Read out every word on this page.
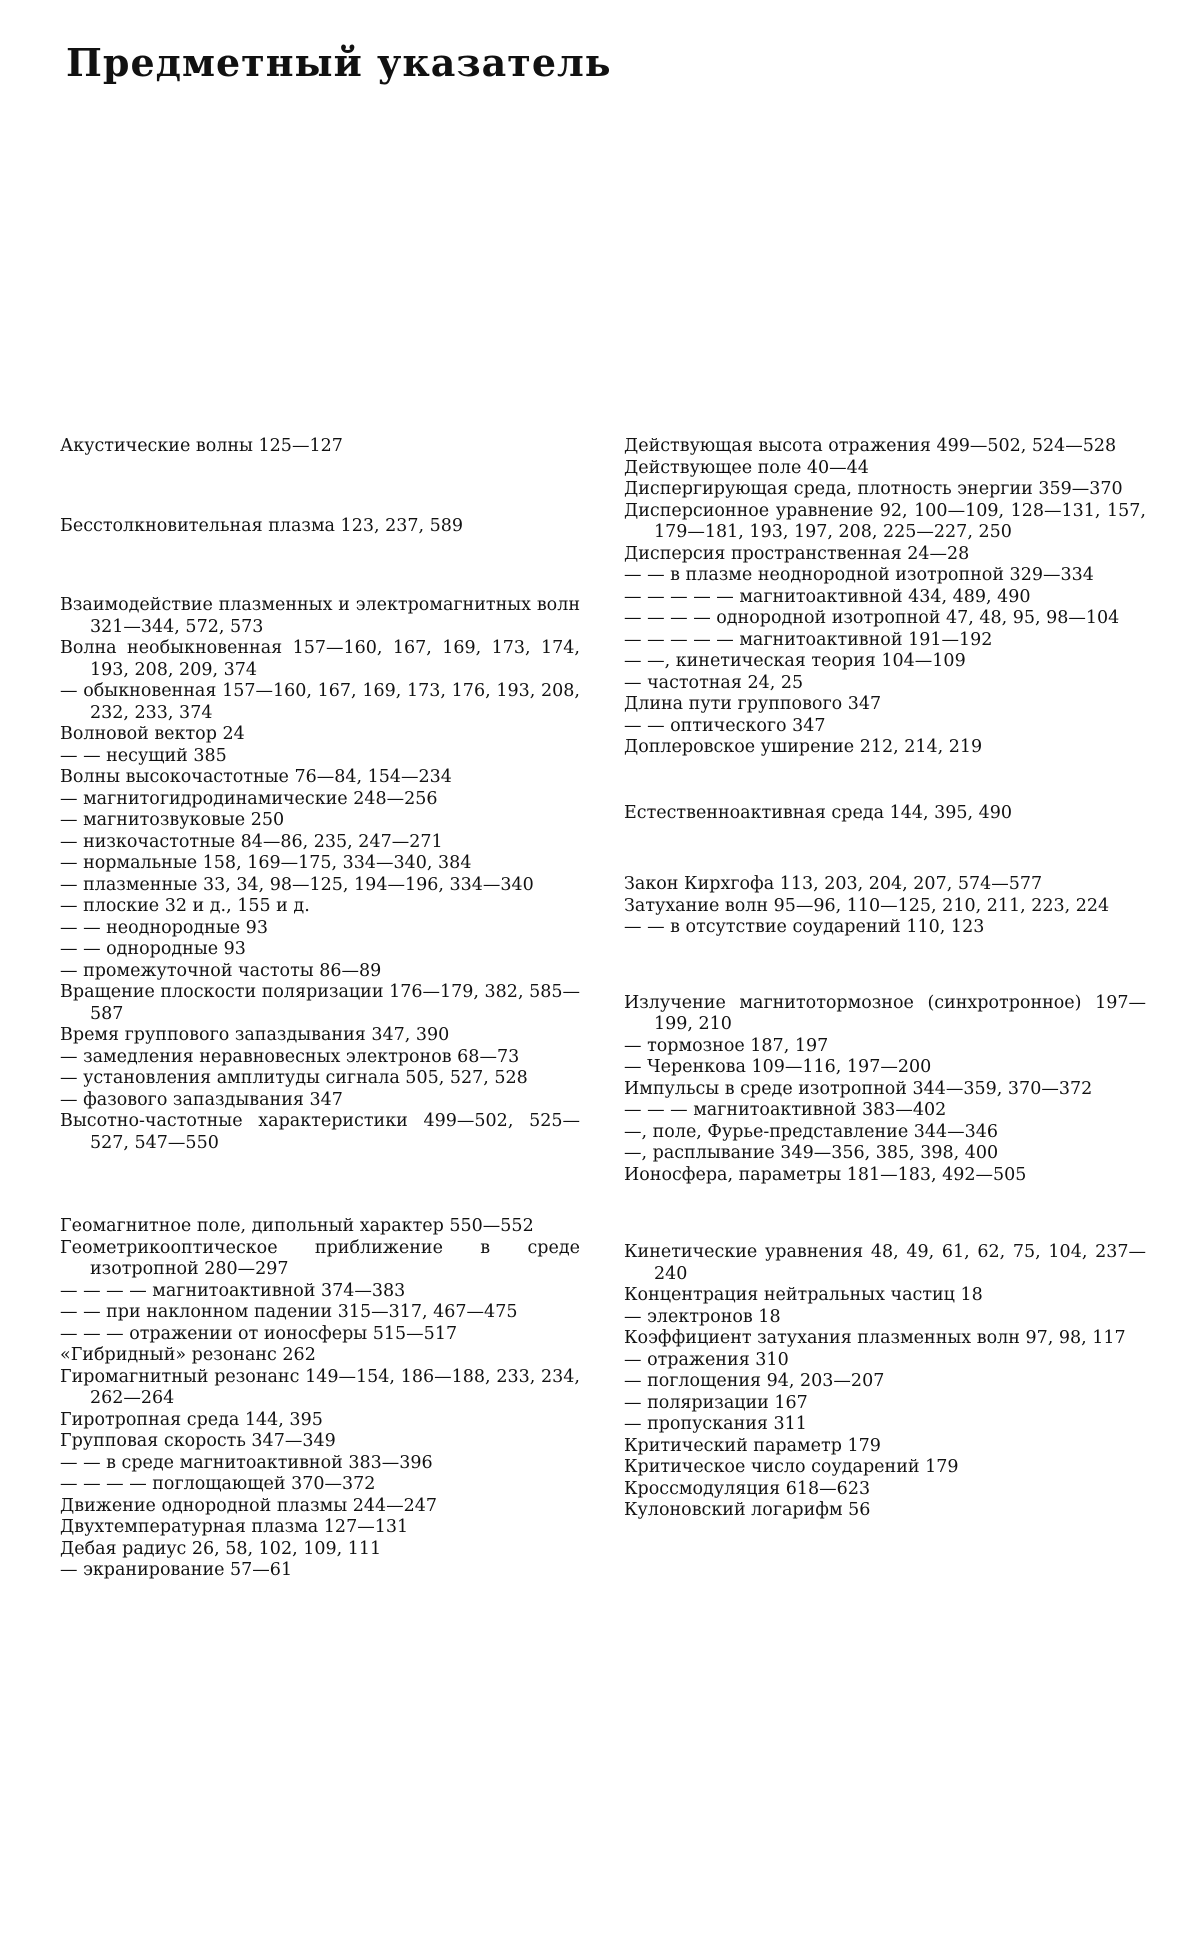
Предметный указатель

Акустические волны 125—127

Бесстолкновительная плазма 123, 237, 589

Взаимодействие плазменных и электромагнитных волн 321—344, 572, 573

Волна необыкновенная 157—160, 167, 169, 173, 174, 193, 208, 209, 374

— обыкновенная 157—160, 167, 169, 173, 176, 193, 208, 232, 233, 374

Волновой вектор 24

— — несущий 385

Волны высокочастотные 76—84, 154—234

— магнитогидродинамические 248—256

— магнитозвуковые 250

— низкочастотные 84—86, 235, 247—271

— нормальные 158, 169—175, 334—340, 384

— плазменные 33, 34, 98—125, 194—196, 334—340

— плоские 32 и д., 155 и д.

— — неоднородные 93

— — однородные 93

— промежуточной частоты 86—89

Вращение плоскости поляризации 176—179, 382, 585—587

Время группового запаздывания 347, 390

— замедления неравновесных электронов 68—73

— установления амплитуды сигнала 505, 527, 528

— фазового запаздывания 347

Высотно-частотные характеристики 499—502, 525—527, 547—550

Геомагнитное поле, дипольный характер 550—552

Геометрикооптическое приближение в среде изотропной 280—297

— — — — магнитоактивной 374—383

— — при наклонном падении 315—317, 467—475

— — — отражении от ионосферы 515—517

«Гибридный» резонанс 262

Гиромагнитный резонанс 149—154, 186—188, 233, 234, 262—264

Гиротропная среда 144, 395

Групповая скорость 347—349

— — в среде магнитоактивной 383—396

— — — — поглощающей 370—372

Движение однородной плазмы 244—247

Двухтемпературная плазма 127—131

Дебая радиус 26, 58, 102, 109, 111

— экранирование 57—61

Действующая высота отражения 499—502, 524—528

Действующее поле 40—44

Диспергирующая среда, плотность энергии 359—370

Дисперсионное уравнение 92, 100—109, 128—131, 157, 179—181, 193, 197, 208, 225—227, 250

Дисперсия пространственная 24—28

— — в плазме неоднородной изотропной 329—334

— — — — — магнитоактивной 434, 489, 490

— — — — однородной изотропной 47, 48, 95, 98—104

— — — — — магнитоактивной 191—192

— —, кинетическая теория 104—109

— частотная 24, 25

Длина пути группового 347

— — оптического 347

Доплеровское уширение 212, 214, 219

Естественноактивная среда 144, 395, 490

Закон Кирхгофа 113, 203, 204, 207, 574—577

Затухание волн 95—96, 110—125, 210, 211, 223, 224

— — в отсутствие соударений 110, 123

Излучение магнитотормозное (синхротронное) 197—199, 210

— тормозное 187, 197

— Черенкова 109—116, 197—200

Импульсы в среде изотропной 344—359, 370—372

— — — магнитоактивной 383—402

—, поле, Фурье-представление 344—346

—, расплывание 349—356, 385, 398, 400

Ионосфера, параметры 181—183, 492—505

Кинетические уравнения 48, 49, 61, 62, 75, 104, 237—240

Концентрация нейтральных частиц 18

— электронов 18

Коэффициент затухания плазменных волн 97, 98, 117

— отражения 310

— поглощения 94, 203—207

— поляризации 167

— пропускания 311

Критический параметр 179

Критическое число соударений 179

Кроссмодуляция 618—623

Кулоновский логарифм 56
